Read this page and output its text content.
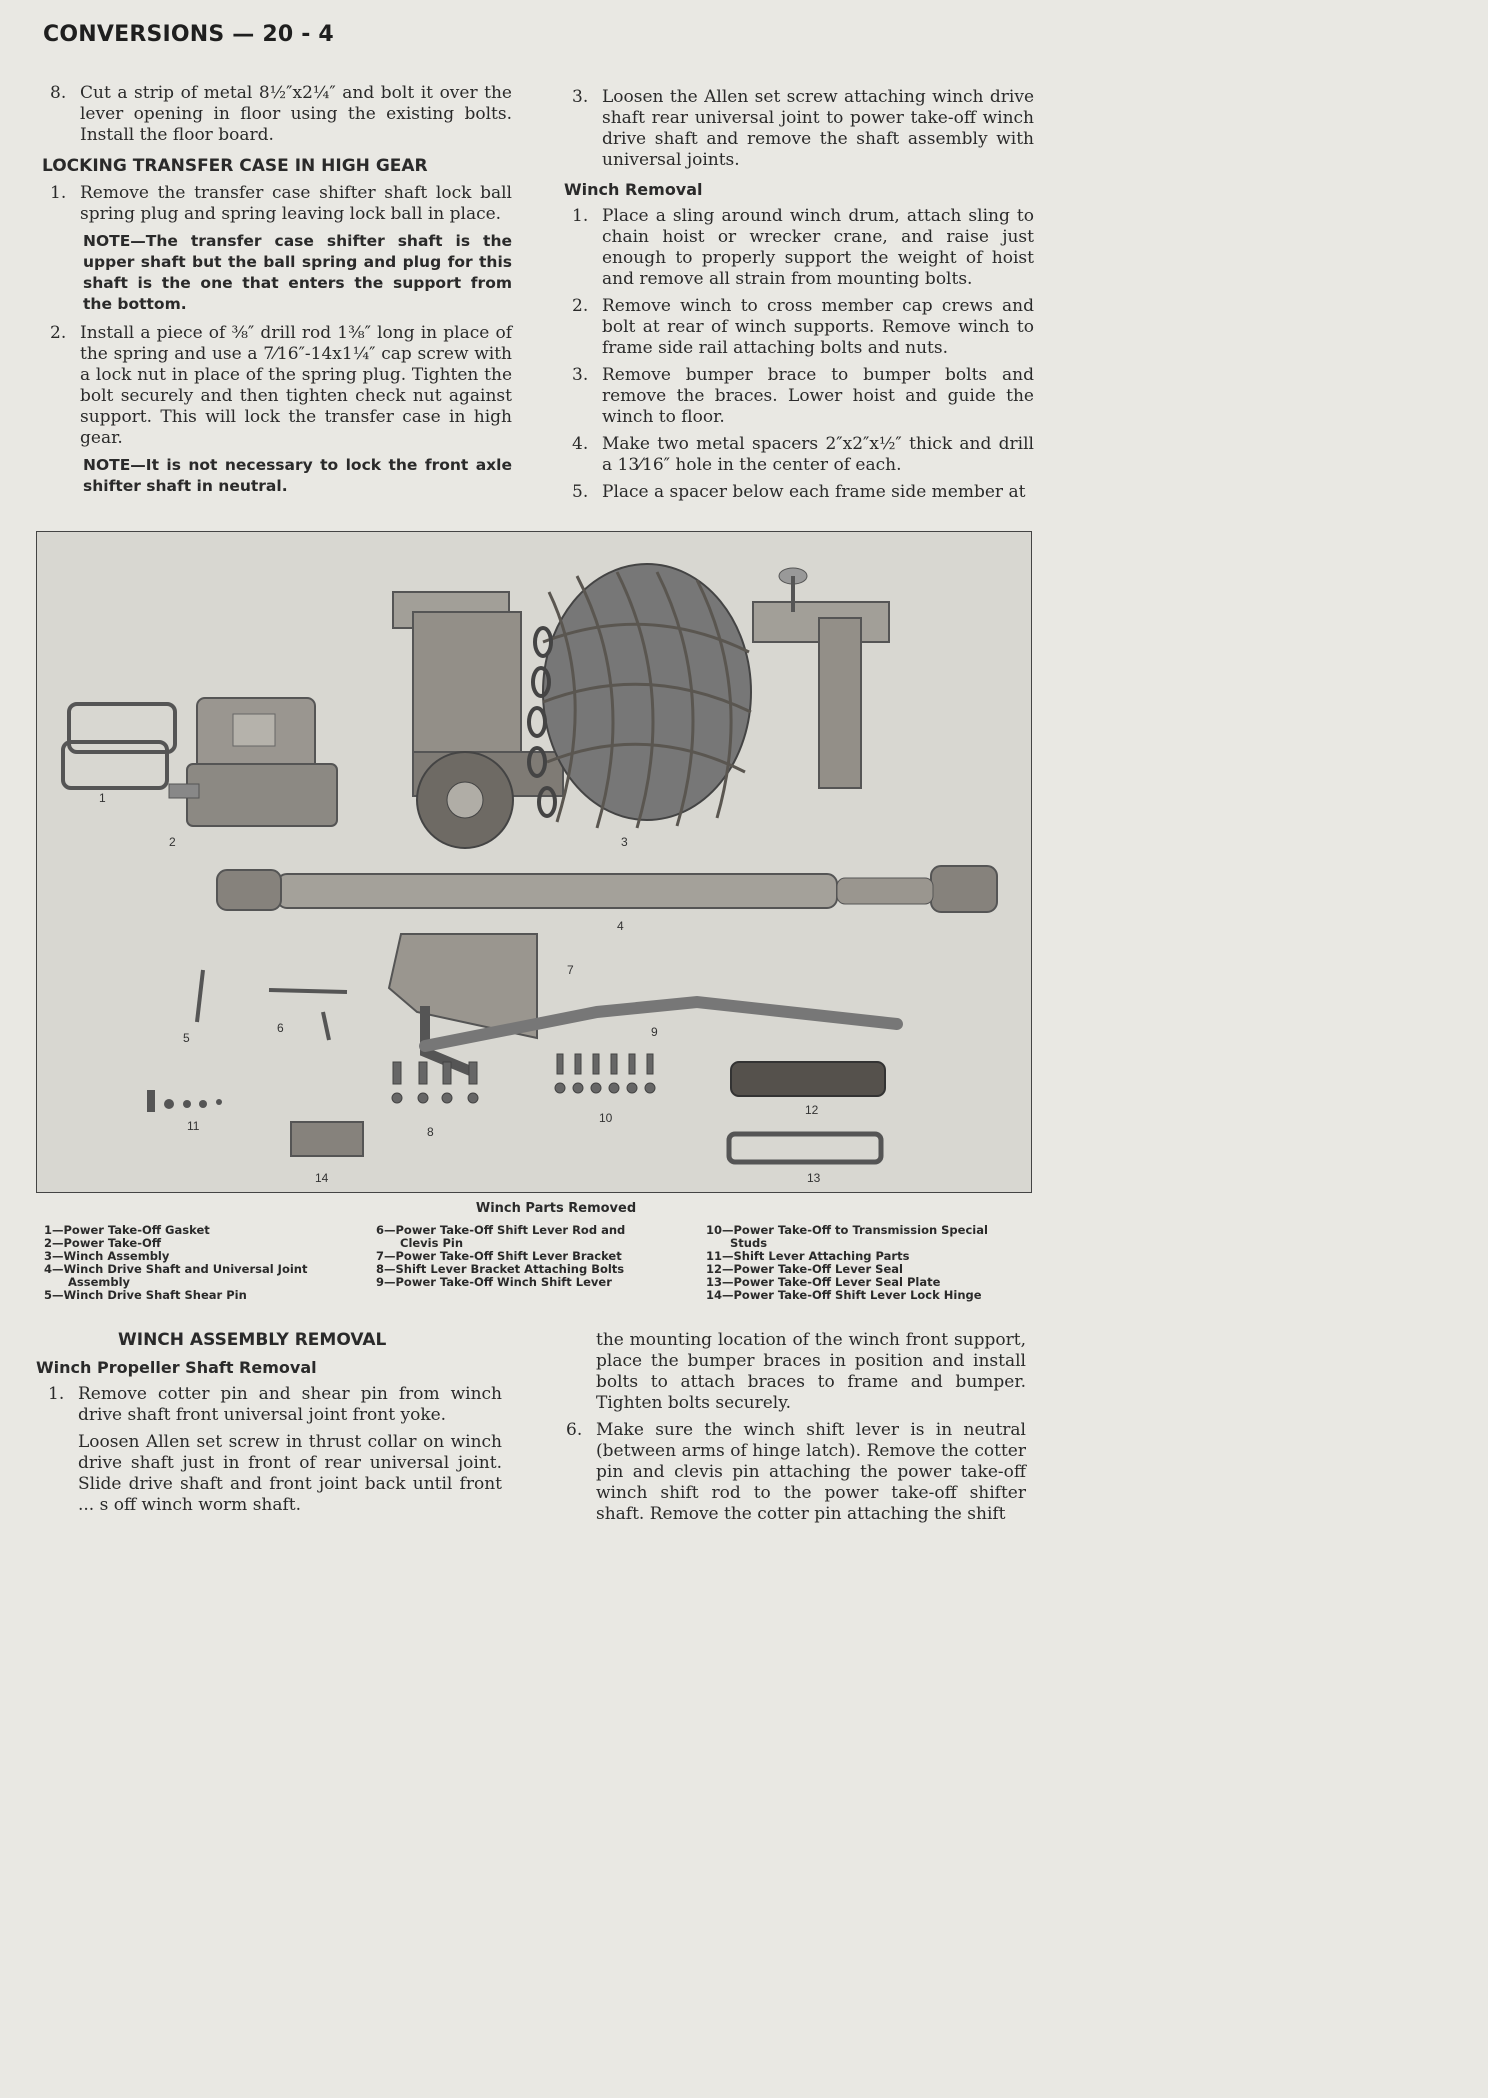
CONVERSIONS — 20 - 4
8. Cut a strip of metal 8½″x2¼″ and bolt it over the lever opening in floor using the existing bolts. Install the floor board.
LOCKING TRANSFER CASE IN HIGH GEAR
1. Remove the transfer case shifter shaft lock ball spring plug and spring leaving lock ball in place.
NOTE—The transfer case shifter shaft is the upper shaft but the ball spring and plug for this shaft is the one that enters the support from the bottom.
2. Install a piece of ⅜″ drill rod 1⅜″ long in place of the spring and use a 7⁄16″-14x1¼″ cap screw with a lock nut in place of the spring plug. Tighten the bolt securely and then tighten check nut against support. This will lock the transfer case in high gear.
NOTE—It is not necessary to lock the front axle shifter shaft in neutral.
3. Loosen the Allen set screw attaching winch drive shaft rear universal joint to power take-off winch drive shaft and remove the shaft assembly with universal joints.
Winch Removal
1. Place a sling around winch drum, attach sling to chain hoist or wrecker crane, and raise just enough to properly support the weight of hoist and remove all strain from mounting bolts.
2. Remove winch to cross member cap crews and bolt at rear of winch supports. Remove winch to frame side rail attaching bolts and nuts.
3. Remove bumper brace to bumper bolts and remove the braces. Lower hoist and guide the winch to floor.
4. Make two metal spacers 2″x2″x½″ thick and drill a 13⁄16″ hole in the center of each.
5. Place a spacer below each frame side member at
1
2	3
4
5
6
7
8
9
10
11
12
13
14
Winch Parts Removed
1—Power Take-Off Gasket
2—Power Take-Off
3—Winch Assembly
4—Winch Drive Shaft and Universal Joint
Assembly
5—Winch Drive Shaft Shear Pin
6—Power Take-Off Shift Lever Rod and
Clevis Pin
7—Power Take-Off Shift Lever Bracket
8—Shift Lever Bracket Attaching Bolts
9—Power Take-Off Winch Shift Lever
10—Power Take-Off to Transmission Special
Studs
11—Shift Lever Attaching Parts
12—Power Take-Off Lever Seal
13—Power Take-Off Lever Seal Plate
14—Power Take-Off Shift Lever Lock Hinge
WINCH ASSEMBLY REMOVAL
Winch Propeller Shaft Removal
1. Remove cotter pin and shear pin from winch drive shaft front universal joint front yoke.

Loosen Allen set screw in thrust collar on winch drive shaft just in front of rear universal joint. Slide drive shaft and front joint back until front ... s off winch worm shaft.

the mounting location of the winch front support, place the bumper braces in position and install bolts to attach braces to frame and bumper. Tighten bolts securely.

6. Make sure the winch shift lever is in neutral (between arms of hinge latch). Remove the cotter pin and clevis pin attaching the power take-off winch shift rod to the power take-off shifter shaft. Remove the cotter pin attaching the shift
